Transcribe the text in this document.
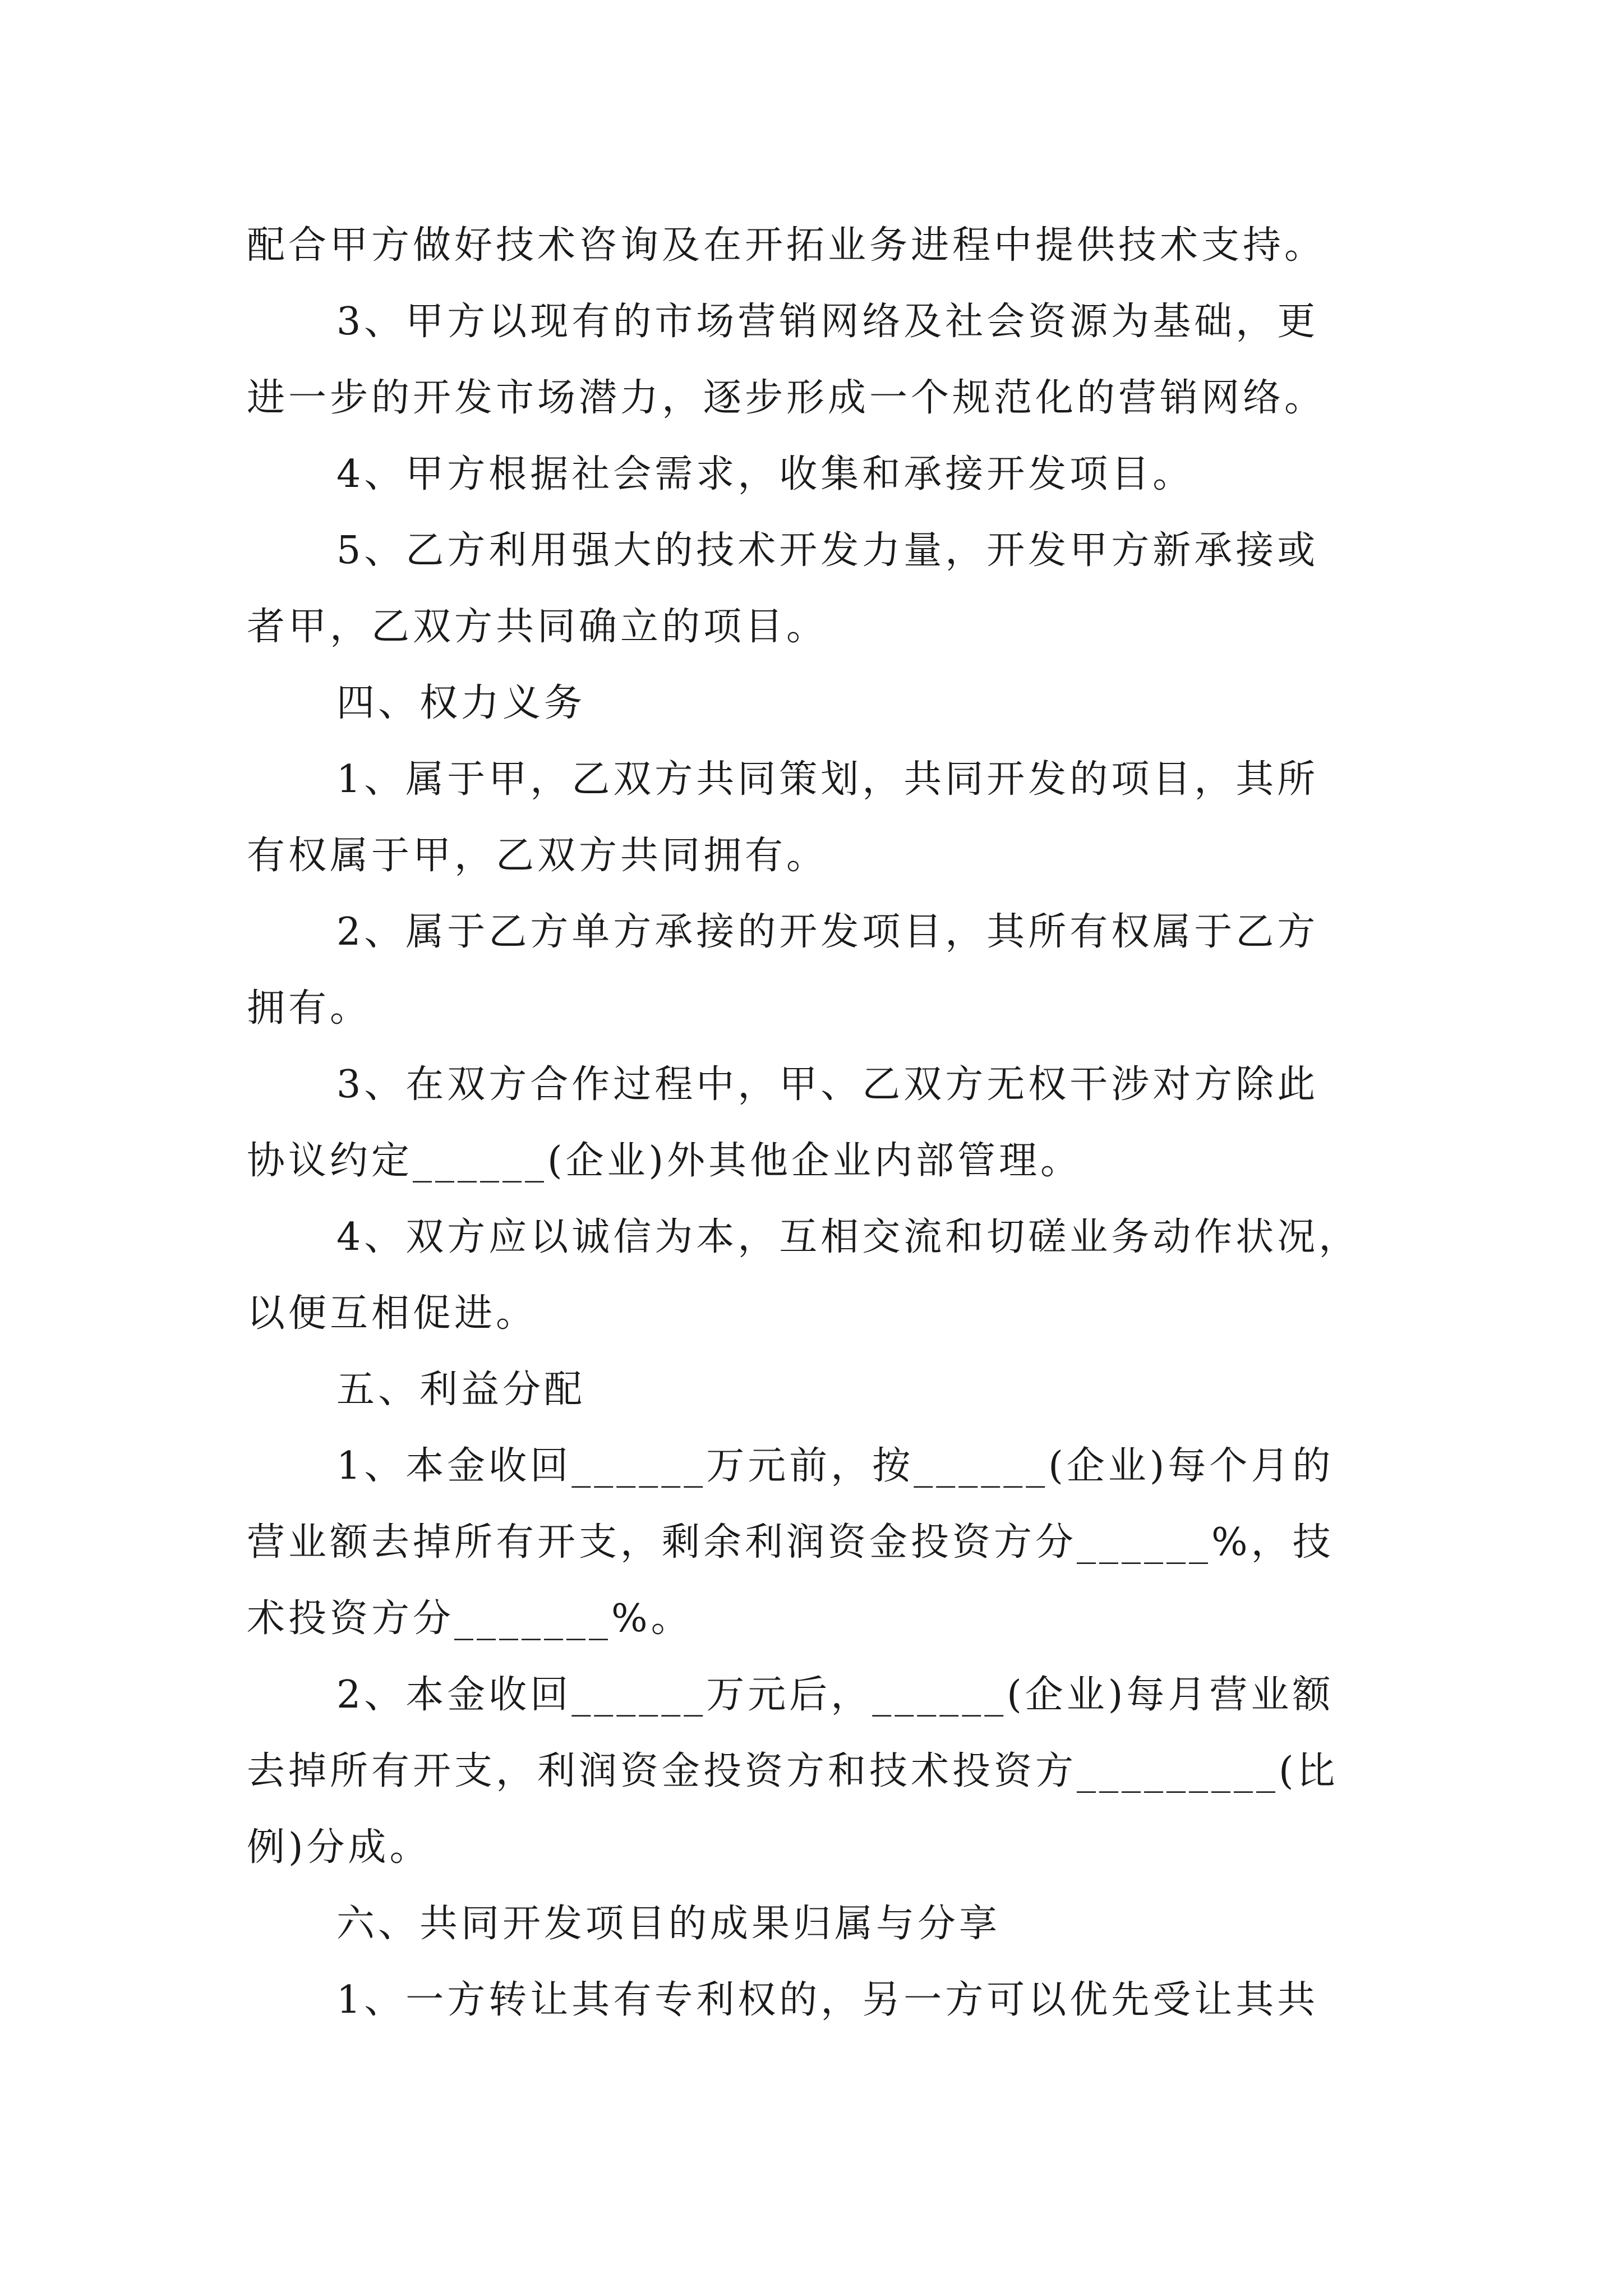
配合甲方做好技术咨询及在开拓业务进程中提供技术支持。
3、甲方以现有的市场营销网络及社会资源为基础，更
进一步的开发市场潜力，逐步形成一个规范化的营销网络。
4、甲方根据社会需求，收集和承接开发项目。
5、乙方利用强大的技术开发力量，开发甲方新承接或
者甲，乙双方共同确立的项目。
四、权力义务
1、属于甲，乙双方共同策划，共同开发的项目，其所
有权属于甲，乙双方共同拥有。
2、属于乙方单方承接的开发项目，其所有权属于乙方
拥有。
3、在双方合作过程中，甲、乙双方无权干涉对方除此
协议约定______(企业)外其他企业内部管理。
4、双方应以诚信为本，互相交流和切磋业务动作状况，
以便互相促进。
五、利益分配
1、本金收回______万元前，按______(企业)每个月的
营业额去掉所有开支，剩余利润资金投资方分______%，技
术投资方分_______%。
2、本金收回______万元后，______(企业)每月营业额
去掉所有开支，利润资金投资方和技术投资方_________(比
例)分成。
六、共同开发项目的成果归属与分享
1、一方转让其有专利权的，另一方可以优先受让其共
